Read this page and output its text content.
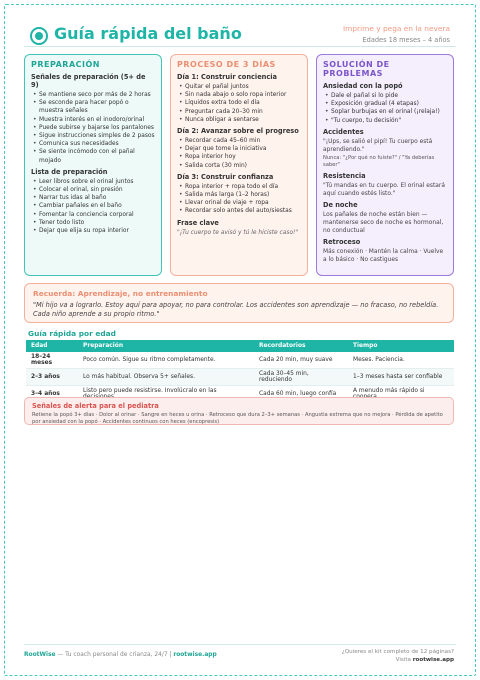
Guía rápida del baño	Imprime y pega en la nevera
Edades 18 meses – 4 años
PREPARACIÓN
Señales de preparación (5+ de 9)
• Se mantiene seco por más de 2 horas
• Se esconde para hacer popó o muestra señales
• Muestra interés en el inodoro/orinal
• Puede subirse y bajarse los pantalones
• Sigue instrucciones simples de 2 pasos
• Comunica sus necesidades
• Se siente incómodo con el pañal mojado
Lista de preparación
• Leer libros sobre el orinal juntos
• Colocar el orinal, sin presión
• Narrar tus idas al baño
• Cambiar pañales en el baño
• Fomentar la conciencia corporal
• Tener todo listo
• Dejar que elija su ropa interior
PROCESO DE 3 DÍAS
Día 1: Construir conciencia
• Quitar el pañal juntos
• Sin nada abajo o solo ropa interior
• Líquidos extra todo el día
• Preguntar cada 20–30 min
• Nunca obligar a sentarse
Día 2: Avanzar sobre el progreso
• Recordar cada 45–60 min
• Dejar que tome la iniciativa
• Ropa interior hoy
• Salida corta (30 min)
Día 3: Construir confianza
• Ropa interior + ropa todo el día
• Salida más larga (1–2 horas)
• Llevar orinal de viaje + ropa
• Recordar solo antes del auto/siestas
Frase clave
"¡Tu cuerpo te avisó y tú le hiciste caso!"
SOLUCIÓN DE PROBLEMAS
Ansiedad con la popó
• Dale el pañal si lo pide
• Exposición gradual (4 etapas)
• Soplar burbujas en el orinal (¡relaja!)
• "Tu cuerpo, tu decisión"
Accidentes
"¡Ups, se salió el pipí! Tu cuerpo está aprendiendo."
Nunca: "¿Por qué no fuiste?" / "Ya deberías saber"
Resistencia
"Tú mandas en tu cuerpo. El orinal estará aquí cuando estés listo."
De noche
Los pañales de noche están bien — mantenerse seco de noche es hormonal, no conductual
Retroceso
Más conexión · Mantén la calma · Vuelve a lo básico · No castigues
Recuerda: Aprendizaje, no entrenamiento
"Mi hijo va a lograrlo. Estoy aquí para apoyar, no para controlar. Los accidentes son aprendizaje — no fracaso, no rebeldía. Cada niño aprende a su propio ritmo."
Guía rápida por edad
Edad	Preparación	Recordatorios	Tiempo
18–24 meses	Poco común. Sigue su ritmo completamente.	Cada 20 min, muy suave	Meses. Paciencia.
2–3 años	Lo más habitual. Observa 5+ señales.	Cada 30–45 min, reduciendo	1–3 meses hasta ser confiable
3–4 años	Listo pero puede resistirse. Involúcralo en las	Cada 60 min, luego confía	A menudo más rápido si
Señales de alerta para el pediatra
Retiene la popó 3+ días · Dolor al orinar · Sangre en heces u orina · Retroceso que dura 2–3+ semanas · Angustia extrema que no mejora · Pérdida de apetito por ansiedad con la popó · Accidentes continuos con heces (encopresis)
RootWise — Tu coach personal de crianza, 24/7 | rootwise.app	¿Quieres el kit completo de 12 páginas?
Visita rootwise.app
